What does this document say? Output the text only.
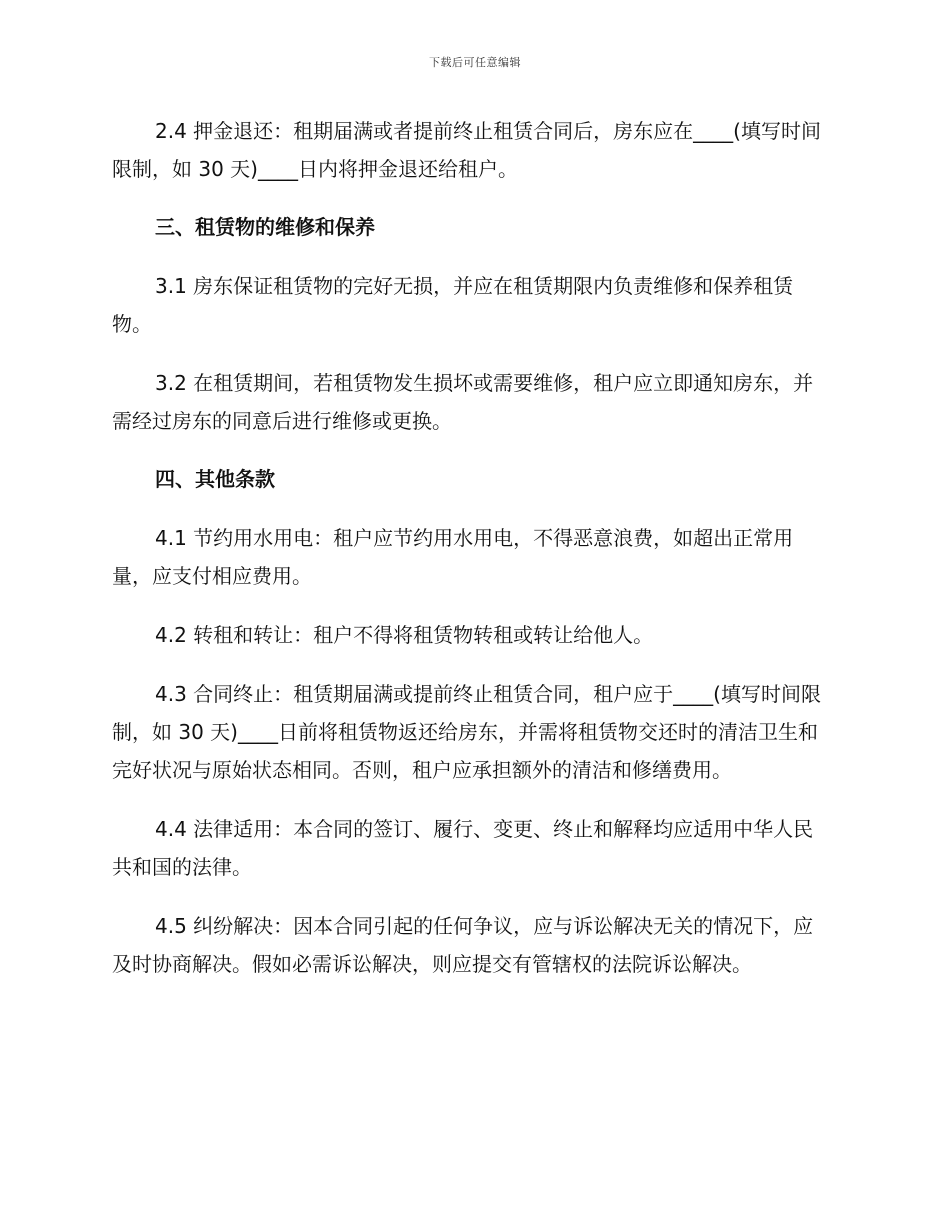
下载后可任意编辑

2.4 押金退还：租期届满或者提前终止租赁合同后，房东应在____(填写时间限制，如 30 天)____日内将押金退还给租户。

三、租赁物的维修和保养

3.1 房东保证租赁物的完好无损，并应在租赁期限内负责维修和保养租赁物。

3.2 在租赁期间，若租赁物发生损坏或需要维修，租户应立即通知房东，并需经过房东的同意后进行维修或更换。

四、其他条款

4.1 节约用水用电：租户应节约用水用电，不得恶意浪费，如超出正常用量，应支付相应费用。

4.2 转租和转让：租户不得将租赁物转租或转让给他人。

4.3 合同终止：租赁期届满或提前终止租赁合同，租户应于____(填写时间限制，如 30 天)____日前将租赁物返还给房东，并需将租赁物交还时的清洁卫生和完好状况与原始状态相同。否则，租户应承担额外的清洁和修缮费用。

4.4 法律适用：本合同的签订、履行、变更、终止和解释均应适用中华人民共和国的法律。

4.5 纠纷解决：因本合同引起的任何争议，应与诉讼解决无关的情况下，应及时协商解决。假如必需诉讼解决，则应提交有管辖权的法院诉讼解决。
